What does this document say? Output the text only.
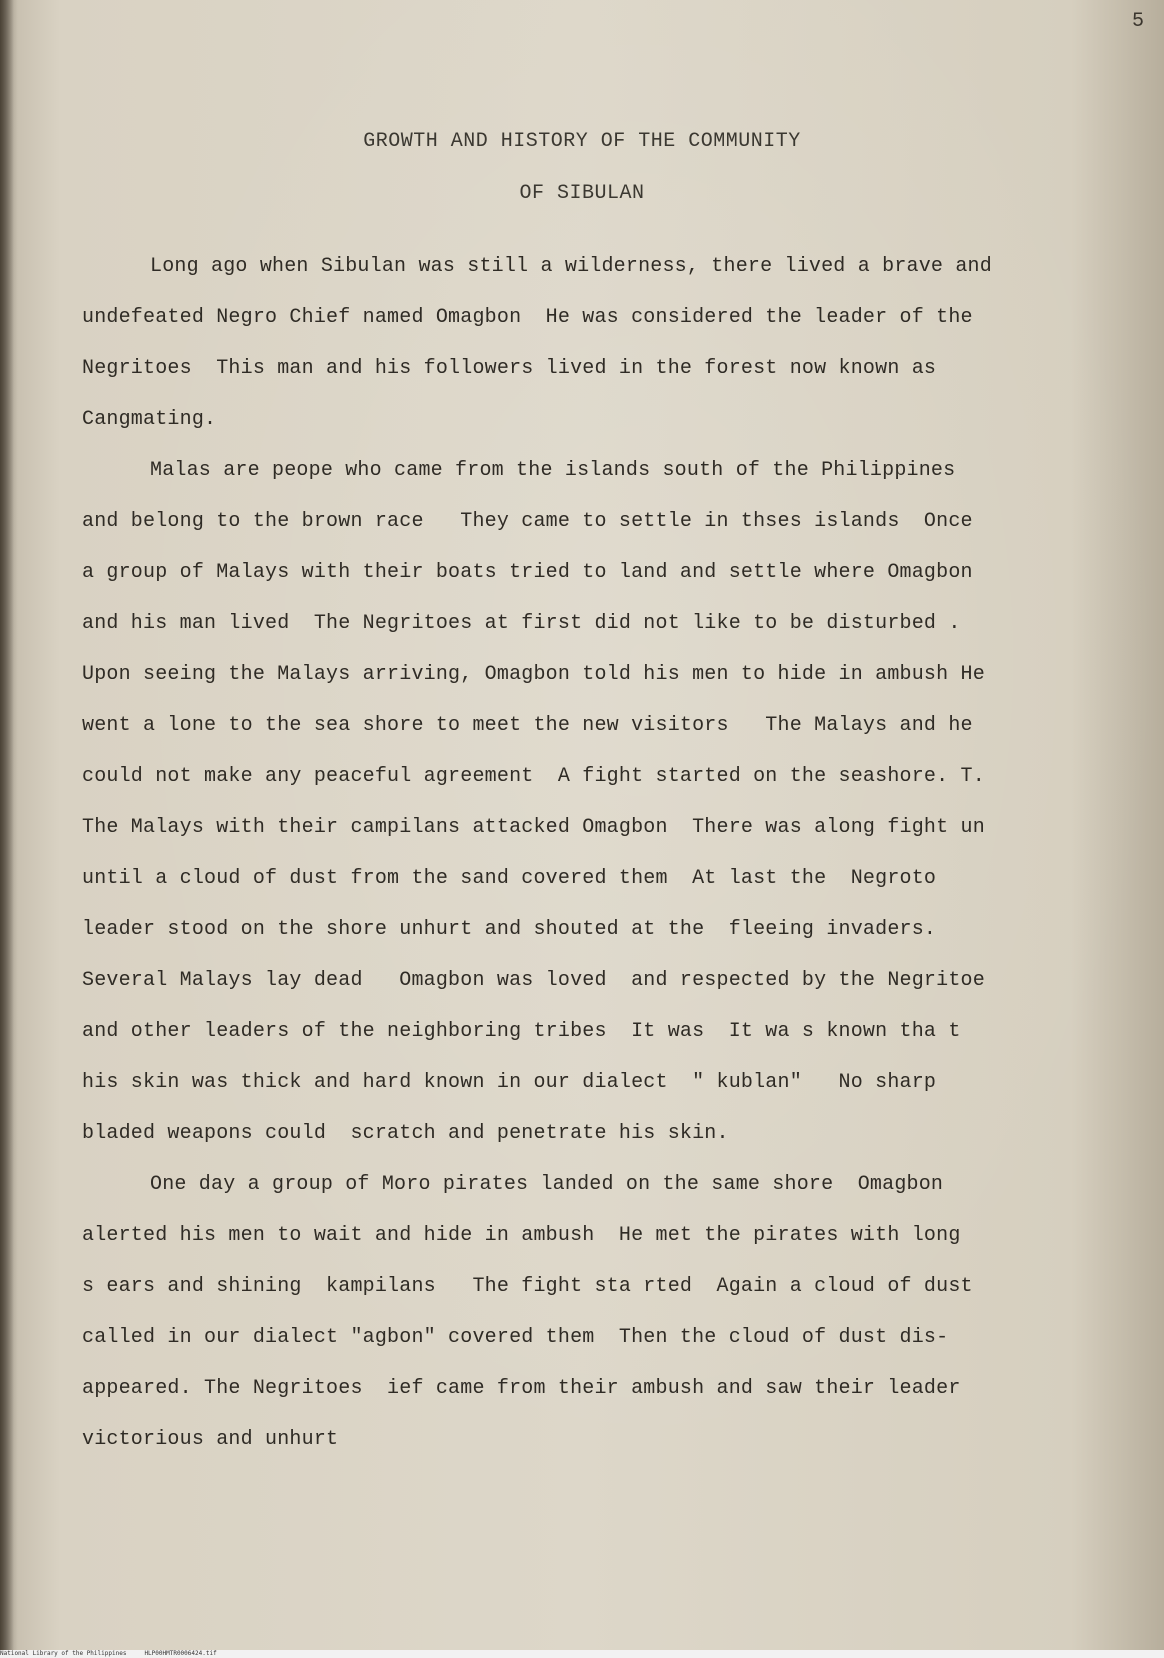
5
GROWTH AND HISTORY OF THE COMMUNITY
OF SIBULAN
Long ago when Sibulan was still a wilderness, there lived a brave and
undefeated Negro Chief named Omagbon  He was considered the leader of the
Negritoes  This man and his followers lived in the forest now known as
Cangmating.
Malas are peope who came from the islands south of the Philippines
and belong to the brown race   They came to settle in thses islands  Once
a group of Malays with their boats tried to land and settle where Omagbon
and his man lived  The Negritoes at first did not like to be disturbed .
Upon seeing the Malays arriving, Omagbon told his men to hide in ambush He
went a lone to the sea shore to meet the new visitors   The Malays and he
could not make any peaceful agreement  A fight started on the seashore. T.
The Malays with their campilans attacked Omagbon  There was along fight un
until a cloud of dust from the sand covered them  At last the  Negroto
leader stood on the shore unhurt and shouted at the  fleeing invaders.
Several Malays lay dead   Omagbon was loved  and respected by the Negritoe
and other leaders of the neighboring tribes  It was  It wa s known tha t
his skin was thick and hard known in our dialect  " kublan"   No sharp
bladed weapons could  scratch and penetrate his skin.
One day a group of Moro pirates landed on the same shore  Omagbon
alerted his men to wait and hide in ambush  He met the pirates with long
s ears and shining  kampilans   The fight sta rted  Again a cloud of dust
called in our dialect "agbon" covered them  Then the cloud of dust dis-
appeared. The Negritoes  ief came from their ambush and saw their leader
victorious and unhurt
National Library of the Philippines	HLP00HMTR0006424.tif
